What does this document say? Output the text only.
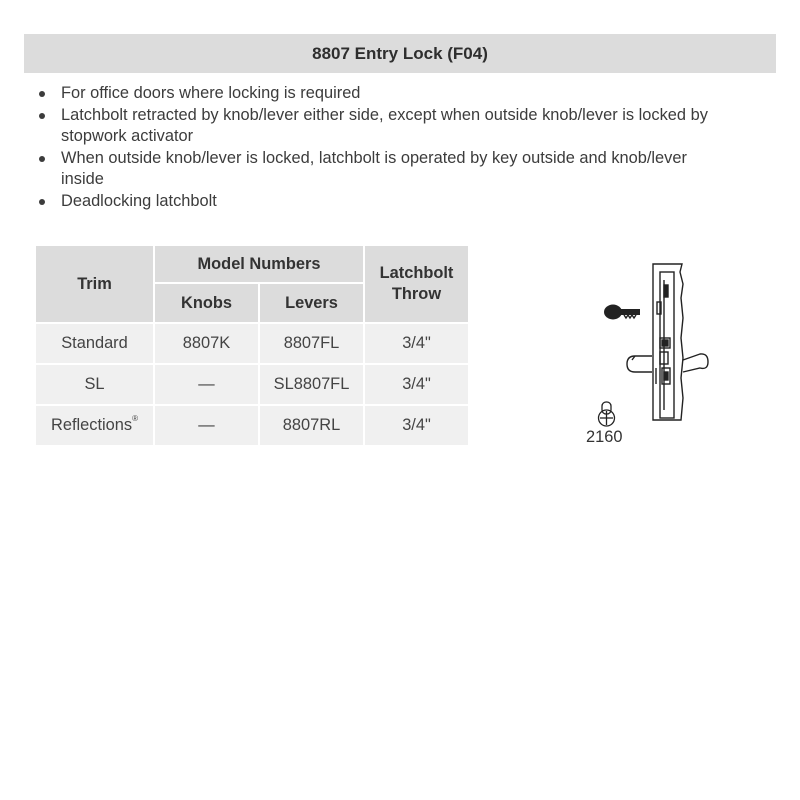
8807 Entry Lock (F04)
For office doors where locking is required
Latchbolt retracted by knob/lever either side, except when outside knob/lever is locked by stopwork activator
When outside knob/lever is locked, latchbolt is operated by key outside and knob/lever inside
Deadlocking latchbolt
Trim	Model Numbers		Latchbolt Throw

	Knobs	Levers	
Standard	8807K	8807FL	3/4"
SL	—	SL8807FL	3/4"
Reflections®	—	8807RL	3/4"
2160
